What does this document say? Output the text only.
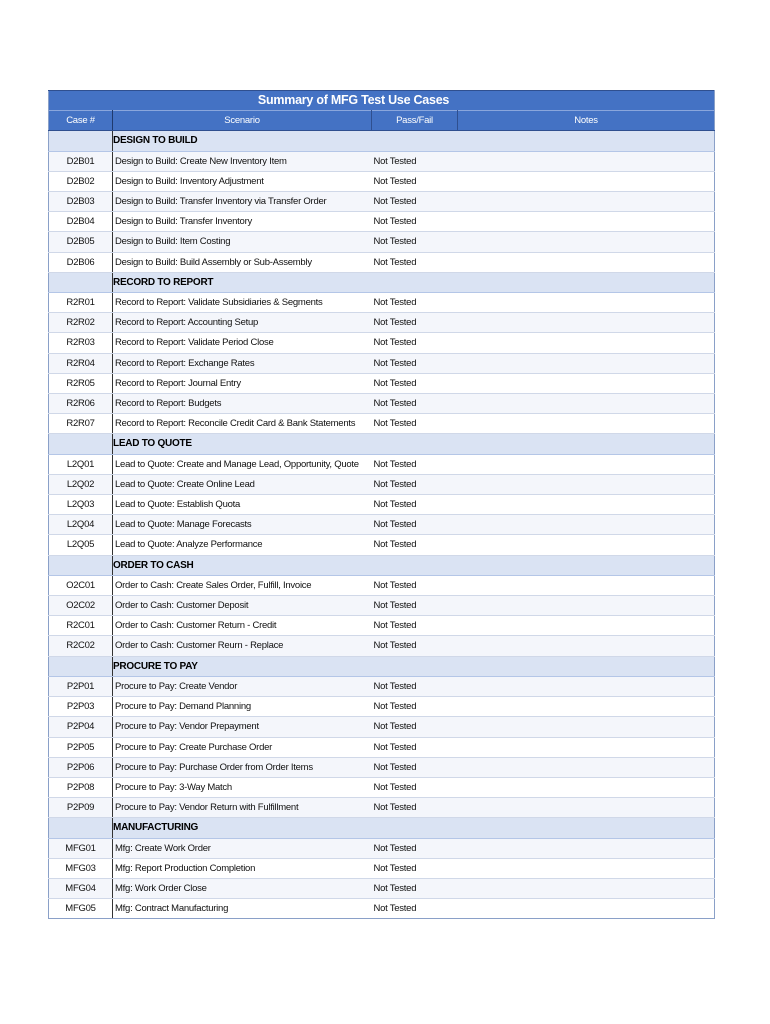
Summary of MFG Test Use Cases			
Case #	Scenario	Pass/Fail	Notes
	DESIGN TO BUILD		
D2B01	Design to Build: Create New Inventory Item	Not Tested	
D2B02	Design to Build: Inventory Adjustment	Not Tested	
D2B03	Design to Build: Transfer Inventory via Transfer Order	Not Tested	
D2B04	Design to Build: Transfer Inventory	Not Tested	
D2B05	Design to Build: Item Costing	Not Tested	
D2B06	Design to Build: Build Assembly or Sub-Assembly	Not Tested	
	RECORD TO REPORT		
R2R01	Record to Report: Validate Subsidiaries & Segments	Not Tested	
R2R02	Record to Report: Accounting Setup	Not Tested	
R2R03	Record to Report: Validate Period Close	Not Tested	
R2R04	Record to Report: Exchange Rates	Not Tested	
R2R05	Record to Report: Journal Entry	Not Tested	
R2R06	Record to Report: Budgets	Not Tested	
R2R07	Record to Report: Reconcile Credit Card & Bank Statements	Not Tested	
	LEAD TO QUOTE		
L2Q01	Lead to Quote: Create and Manage Lead, Opportunity, Quote	Not Tested	
L2Q02	Lead to Quote: Create Online Lead	Not Tested	
L2Q03	Lead to Quote: Establish Quota	Not Tested	
L2Q04	Lead to Quote: Manage Forecasts	Not Tested	
L2Q05	Lead to Quote: Analyze Performance	Not Tested	
	ORDER TO CASH		
O2C01	Order to Cash: Create Sales Order, Fulfill, Invoice	Not Tested	
O2C02	Order to Cash: Customer Deposit	Not Tested	
R2C01	Order to Cash: Customer Return - Credit	Not Tested	
R2C02	Order to Cash: Customer Reurn - Replace	Not Tested	
	PROCURE TO PAY		
P2P01	Procure to Pay: Create Vendor	Not Tested	
P2P03	Procure to Pay: Demand Planning	Not Tested	
P2P04	Procure to Pay: Vendor Prepayment	Not Tested	
P2P05	Procure to Pay: Create Purchase Order	Not Tested	
P2P06	Procure to Pay: Purchase Order from Order Items	Not Tested	
P2P08	Procure to Pay: 3-Way Match	Not Tested	
P2P09	Procure to Pay: Vendor Return with Fulfillment	Not Tested	
	MANUFACTURING		
MFG01	Mfg: Create Work Order	Not Tested	
MFG03	Mfg: Report Production Completion	Not Tested	
MFG04	Mfg: Work Order Close	Not Tested	
MFG05	Mfg: Contract Manufacturing	Not Tested	
